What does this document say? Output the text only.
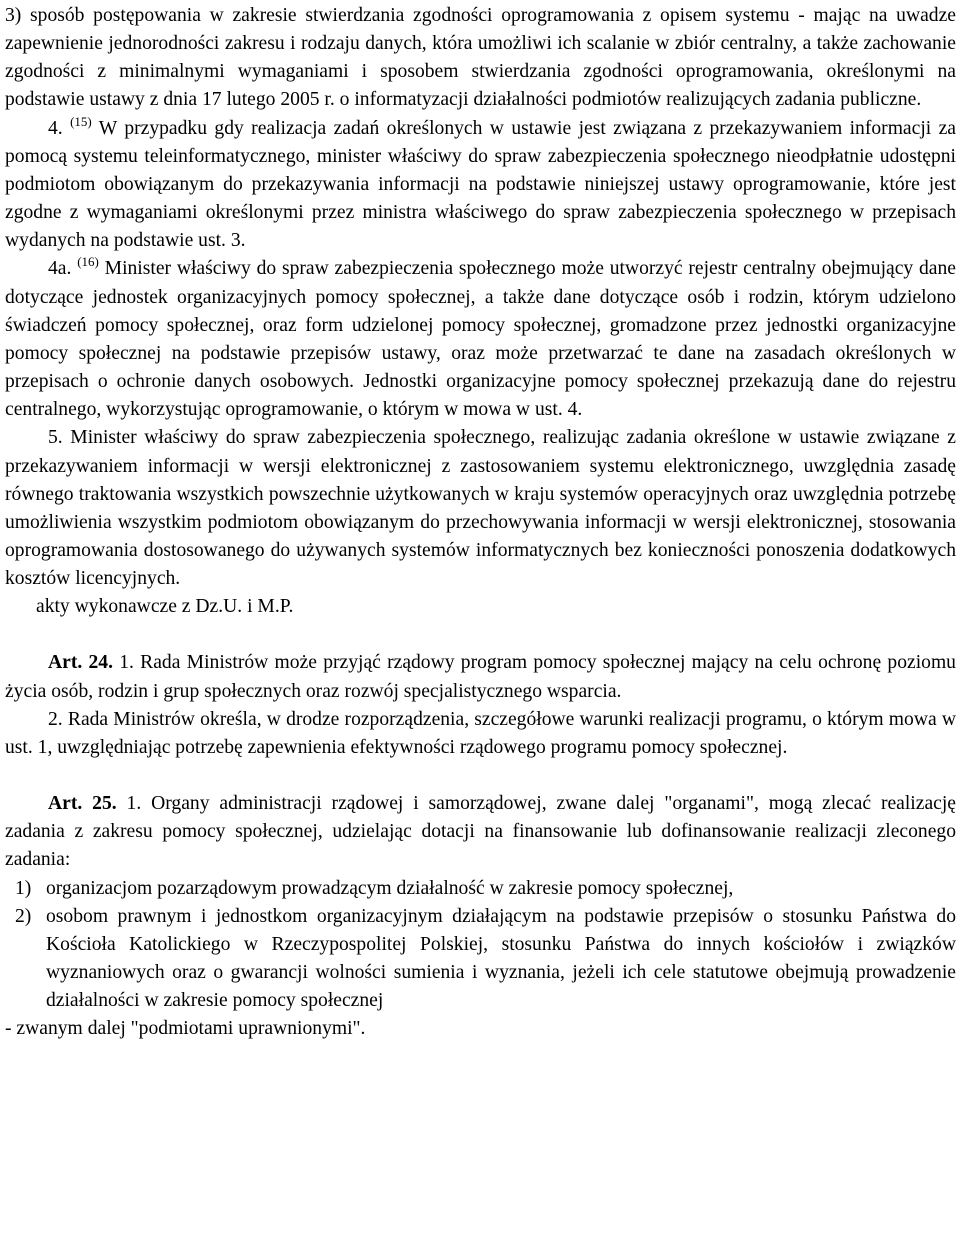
3) sposób postępowania w zakresie stwierdzania zgodności oprogramowania z opisem systemu - mając na uwadze zapewnienie jednorodności zakresu i rodzaju danych, która umożliwi ich scalanie w zbiór centralny, a także zachowanie zgodności z minimalnymi wymaganiami i sposobem stwierdzania zgodności oprogramowania, określonymi na podstawie ustawy z dnia 17 lutego 2005 r. o informatyzacji działalności podmiotów realizujących zadania publiczne.

4. $^{(15)}$ W przypadku gdy realizacja zadań określonych w ustawie jest związana z przekazywaniem informacji za pomocą systemu teleinformatycznego, minister właściwy do spraw zabezpieczenia społecznego nieodpłatnie udostępni podmiotom obowiązanym do przekazywania informacji na podstawie niniejszej ustawy oprogramowanie, które jest zgodne z wymaganiami określonymi przez ministra właściwego do spraw zabezpieczenia społecznego w przepisach wydanych na podstawie ust. 3.

4a. $^{(16)}$ Minister właściwy do spraw zabezpieczenia społecznego może utworzyć rejestr centralny obejmujący dane dotyczące jednostek organizacyjnych pomocy społecznej, a także dane dotyczące osób i rodzin, którym udzielono świadczeń pomocy społecznej, oraz form udzielonej pomocy społecznej, gromadzone przez jednostki organizacyjne pomocy społecznej na podstawie przepisów ustawy, oraz może przetwarzać te dane na zasadach określonych w przepisach o ochronie danych osobowych. Jednostki organizacyjne pomocy społecznej przekazują dane do rejestru centralnego, wykorzystując oprogramowanie, o którym w mowa w ust. 4.

5. Minister właściwy do spraw zabezpieczenia społecznego, realizując zadania określone w ustawie związane z przekazywaniem informacji w wersji elektronicznej z zastosowaniem systemu elektronicznego, uwzględnia zasadę równego traktowania wszystkich powszechnie użytkowanych w kraju systemów operacyjnych oraz uwzględnia potrzebę umożliwienia wszystkim podmiotom obowiązanym do przechowywania informacji w wersji elektronicznej, stosowania oprogramowania dostosowanego do używanych systemów informatycznych bez konieczności ponoszenia dodatkowych kosztów licencyjnych.

akty wykonawcze z Dz.U. i M.P.

Art. 24. 1. Rada Ministrów może przyjąć rządowy program pomocy społecznej mający na celu ochronę poziomu życia osób, rodzin i grup społecznych oraz rozwój specjalistycznego wsparcia.

2. Rada Ministrów określa, w drodze rozporządzenia, szczegółowe warunki realizacji programu, o którym mowa w ust. 1, uwzględniając potrzebę zapewnienia efektywności rządowego programu pomocy społecznej.

Art. 25. 1. Organy administracji rządowej i samorządowej, zwane dalej "organami", mogą zlecać realizację zadania z zakresu pomocy społecznej, udzielając dotacji na finansowanie lub dofinansowanie realizacji zleconego zadania:

1) organizacjom pozarządowym prowadzącym działalność w zakresie pomocy społecznej,

2) osobom prawnym i jednostkom organizacyjnym działającym na podstawie przepisów o stosunku Państwa do Kościoła Katolickiego w Rzeczypospolitej Polskiej, stosunku Państwa do innych kościołów i związków wyznaniowych oraz o gwarancji wolności sumienia i wyznania, jeżeli ich cele statutowe obejmują prowadzenie działalności w zakresie pomocy społecznej

- zwanym dalej "podmiotami uprawnionymi".
